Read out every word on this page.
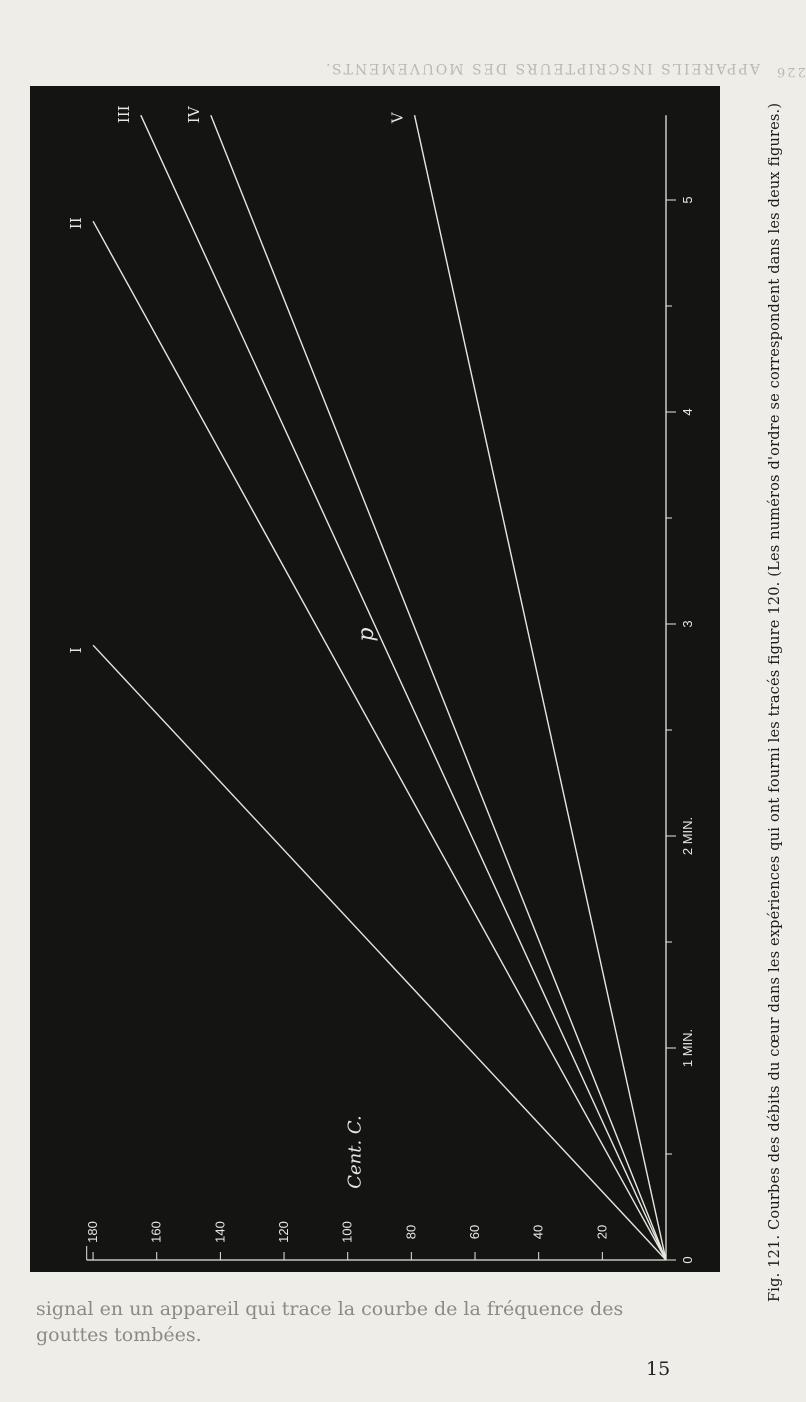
APPAREILS INSCRIPTEURS DES MOUVEMENTS. 226
0
1 MIN.
2 MIN.
3
4
5
20
40
60
80
100
120
140
160
180
Cent. C.
I
II
III	IV	V
p	Fig. 121. Courbes des débits du cœur dans les expériences qui ont fourni les tracés figure 120. (Les numéros d'ordre se correspondent dans les deux figures.)
signal en un appareil qui trace la courbe de la fréquence des
gouttes tombées.
15
